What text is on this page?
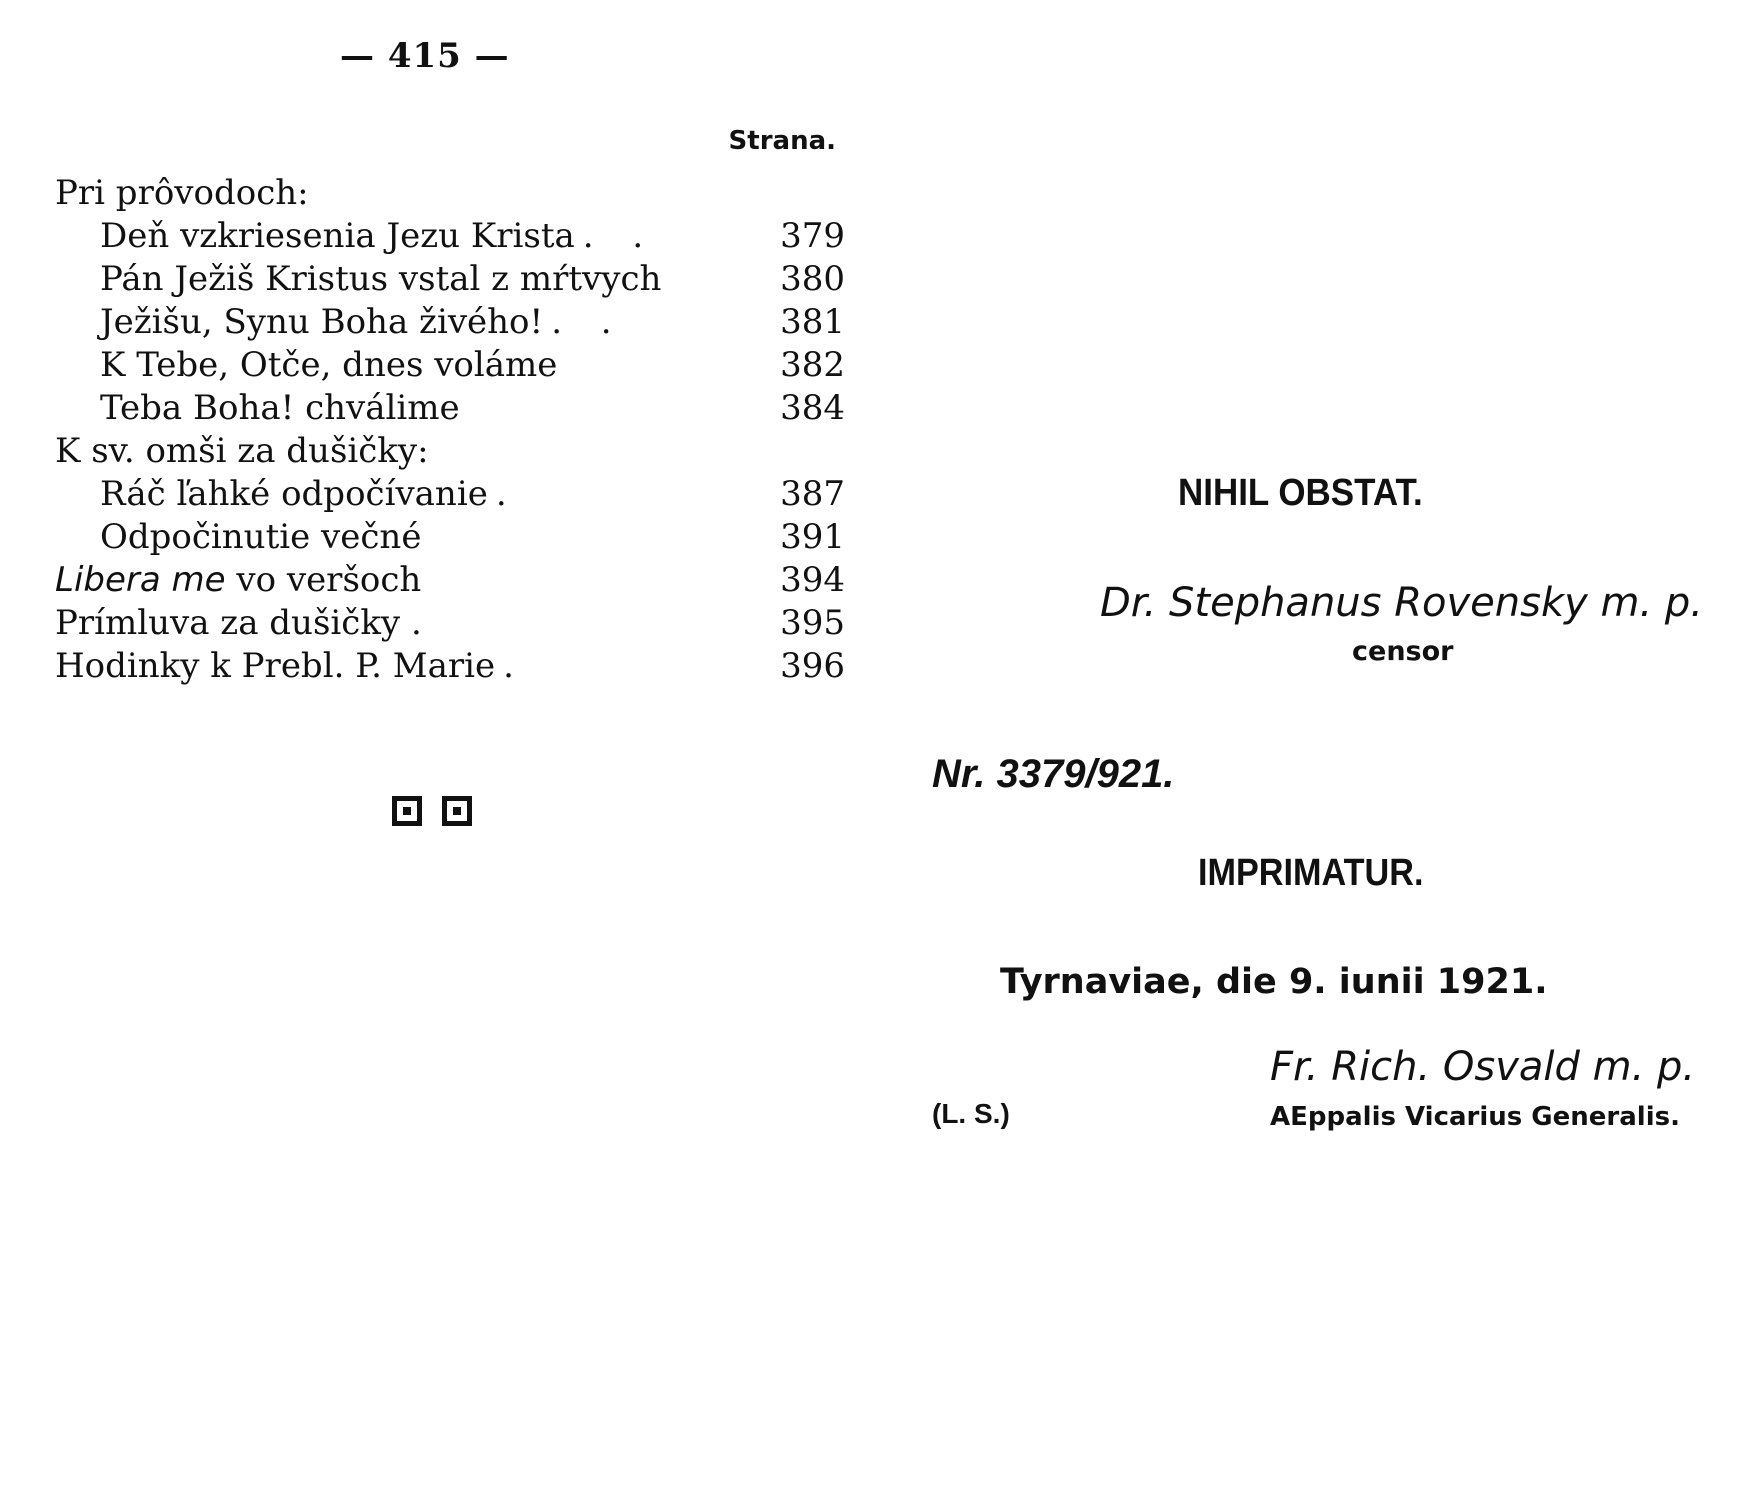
— 415 —
Strana.
Pri prôvodoch:
Deň vzkriesenia Jezu Krista . .	379
Pán Ježiš Kristus vstal z mŕtvych	380
Ježišu, Synu Boha živého! . .	381
K Tebe, Otče, dnes voláme	382
Teba Boha! chválime	384
K sv. omši za dušičky:
Ráč ľahké odpočívanie .	387
Odpočinutie večné	391
Libera me vo veršoch	394
Prímluva za dušičky .	395
Hodinky k Prebl. P. Marie .	396
NIHIL OBSTAT.
Dr. Stephanus Rovensky m. p.
censor
Nr. 3379/921.
IMPRIMATUR.
Tyrnaviae, die 9. iunii 1921.
Fr. Rich. Osvald m. p.
(L. S.)	AEppalis Vicarius Generalis.
